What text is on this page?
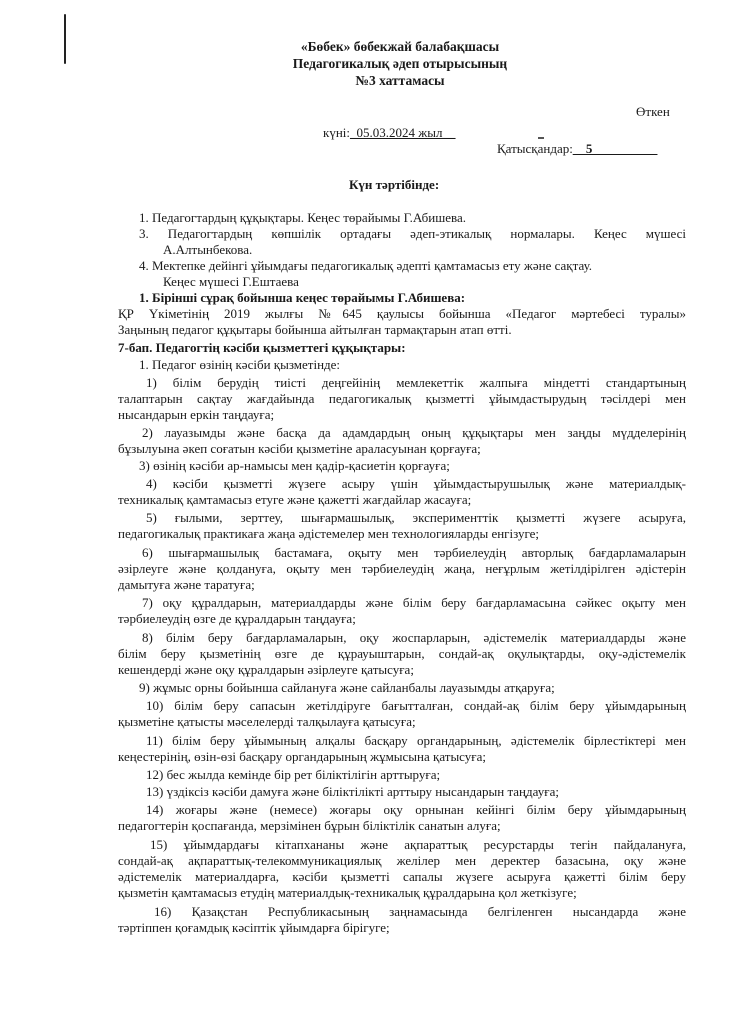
«Бөбек» бөбекжай балабақшасы
Педагогикалық әдеп отырысының
№3 хаттамасы
Өткен
күні:_05.03.2024 жыл__
Қатысқандар:__5__________
Күн тәртібінде:
1. Педагогтардың құқықтары. Кеңес төрайымы Г.Абишева.
3. Педагогтардың көпшілік ортадағы әдеп-этикалық нормалары. Кеңес мүшесі
А.Алтынбекова.
4. Мектепке дейінгі ұйымдағы педагогикалық әдепті қамтамасыз ету және сақтау.
Кеңес мүшесі Г.Ештаева
1. Бірінші сұрақ бойынша кеңес төрайымы Г.Абишева:
ҚР Үкіметінің 2019 жылғы №645 қаулысы бойынша «Педагог мәртебесі туралы»
Заңының педагог құқытары бойынша айтылған тармақтарын атап өтті.
7-бап. Педагогтің кәсіби қызметтегі құқықтары:
1. Педагог өзінің кәсіби қызметінде:
1) білім берудің тиісті деңгейінің мемлекеттік жалпыға міндетті стандартының
талаптарын сақтау жағдайында педагогикалық қызметті ұйымдастырудың тәсілдері мен
нысандарын еркін таңдауға;
2) лауазымды және басқа да адамдардың оның құқықтары мен заңды мүдделерінің
бұзылуына әкеп соғатын кәсіби қызметіне араласуынан қорғауға;
3) өзінің кәсіби ар-намысы мен қадір-қасиетін қорғауға;
4) кәсіби қызметті жүзеге асыру үшін ұйымдастырушылық және материалдық-
техникалық қамтамасыз етуге және қажетті жағдайлар жасауға;
5) ғылыми, зерттеу, шығармашылық, эксперименттік қызметті жүзеге асыруға,
педагогикалық практикаға жаңа әдістемелер мен технологияларды енгізуге;
6) шығармашылық бастамаға, оқыту мен тәрбиелеудің авторлық бағдарламаларын
әзірлеуге және қолдануға, оқыту мен тәрбиелеудің жаңа, неғұрлым жетілдірілген әдістерін
дамытуға және таратуға;
7) оқу құралдарын, материалдарды және білім беру бағдарламасына сәйкес оқыту мен
тәрбиелеудің өзге де құралдарын таңдауға;
8) білім беру бағдарламаларын, оқу жоспарларын, әдістемелік материалдарды және
білім беру қызметінің өзге де құрауыштарын, сондай-ақ оқулықтарды, оқу-әдістемелік
кешендерді және оқу құралдарын әзірлеуге қатысуға;
9) жұмыс орны бойынша сайлануға және сайланбалы лауазымды атқаруға;
10) білім беру сапасын жетілдіруге бағытталған, сондай-ақ білім беру ұйымдарының
қызметіне қатысты мәселелерді талқылауға қатысуға;
11) білім беру ұйымының алқалы басқару органдарының, әдістемелік бірлестіктері мен
кеңестерінің, өзін-өзі басқару органдарының жұмысына қатысуға;
12) бес жылда кемінде бір рет біліктілігін арттыруға;
13) үздіксіз кәсіби дамуға және біліктілікті арттыру нысандарын таңдауға;
14) жоғары және (немесе) жоғары оқу орнынан кейінгі білім беру ұйымдарының
педагогтерін қоспағанда, мерзімінен бұрын біліктілік санатын алуға;
15) ұйымдардағы кітапхананы және ақпараттық ресурстарды тегін пайдалануға,
сондай-ақ ақпараттық-телекоммуникациялық желілер мен деректер базасына, оқу және
әдістемелік материалдарға, кәсіби қызметті сапалы жүзеге асыруға қажетті білім беру
қызметін қамтамасыз етудің материалдық-техникалық құралдарына қол жеткізуге;
16) Қазақстан Республикасының заңнамасында белгіленген нысандарда және
тәртіппен қоғамдық кәсіптік ұйымдарға бірігуге;
